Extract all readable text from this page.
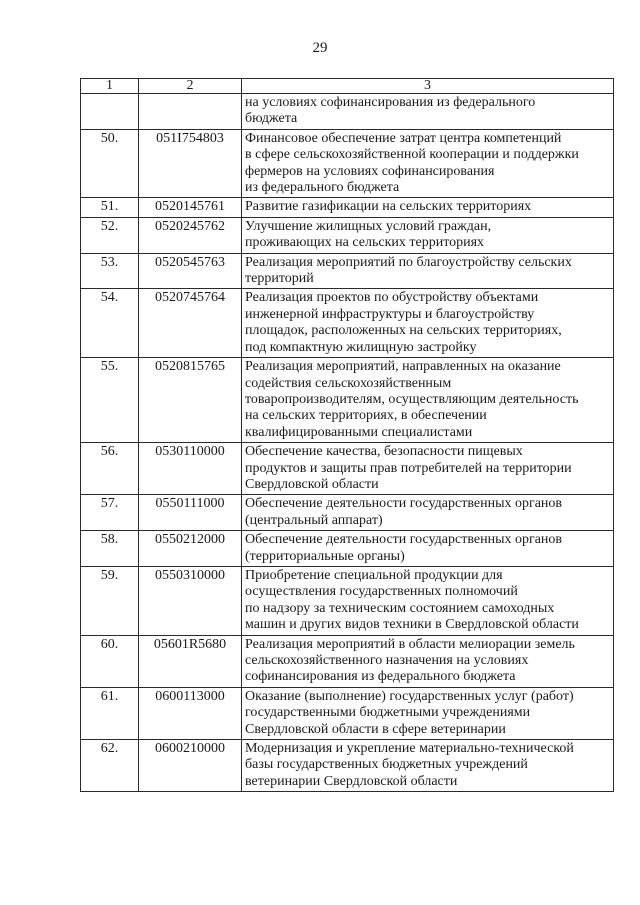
29
1	2	3

		на условиях софинансирования из федерального
бюджета

50.	051I754803	Финансовое обеспечение затрат центра компетенций
в сфере сельскохозяйственной кооперации и поддержки
фермеров на условиях софинансирования
из федерального бюджета

51.	0520145761	Развитие газификации на сельских территориях

52.	0520245762	Улучшение жилищных условий граждан,
проживающих на сельских территориях

53.	0520545763	Реализация мероприятий по благоустройству сельских
территорий

54.	0520745764	Реализация проектов по обустройству объектами
инженерной инфраструктуры и благоустройству
площадок, расположенных на сельских территориях,
под компактную жилищную застройку

55.	0520815765	Реализация мероприятий, направленных на оказание
содействия сельскохозяйственным
товаропроизводителям, осуществляющим деятельность
на сельских территориях, в обеспечении
квалифицированными специалистами

56.	0530110000	Обеспечение качества, безопасности пищевых
продуктов и защиты прав потребителей на территории
Свердловской области

57.	0550111000	Обеспечение деятельности государственных органов
(центральный аппарат)

58.	0550212000	Обеспечение деятельности государственных органов
(территориальные органы)

59.	0550310000	Приобретение специальной продукции для
осуществления государственных полномочий
по надзору за техническим состоянием самоходных
машин и других видов техники в Свердловской области

60.	05601R5680	Реализация мероприятий в области мелиорации земель
сельскохозяйственного назначения на условиях
софинансирования из федерального бюджета

61.	0600113000	Оказание (выполнение) государственных услуг (работ)
государственными бюджетными учреждениями
Свердловской области в сфере ветеринарии

62.	0600210000	Модернизация и укрепление материально-технической
базы государственных бюджетных учреждений
ветеринарии Свердловской области
